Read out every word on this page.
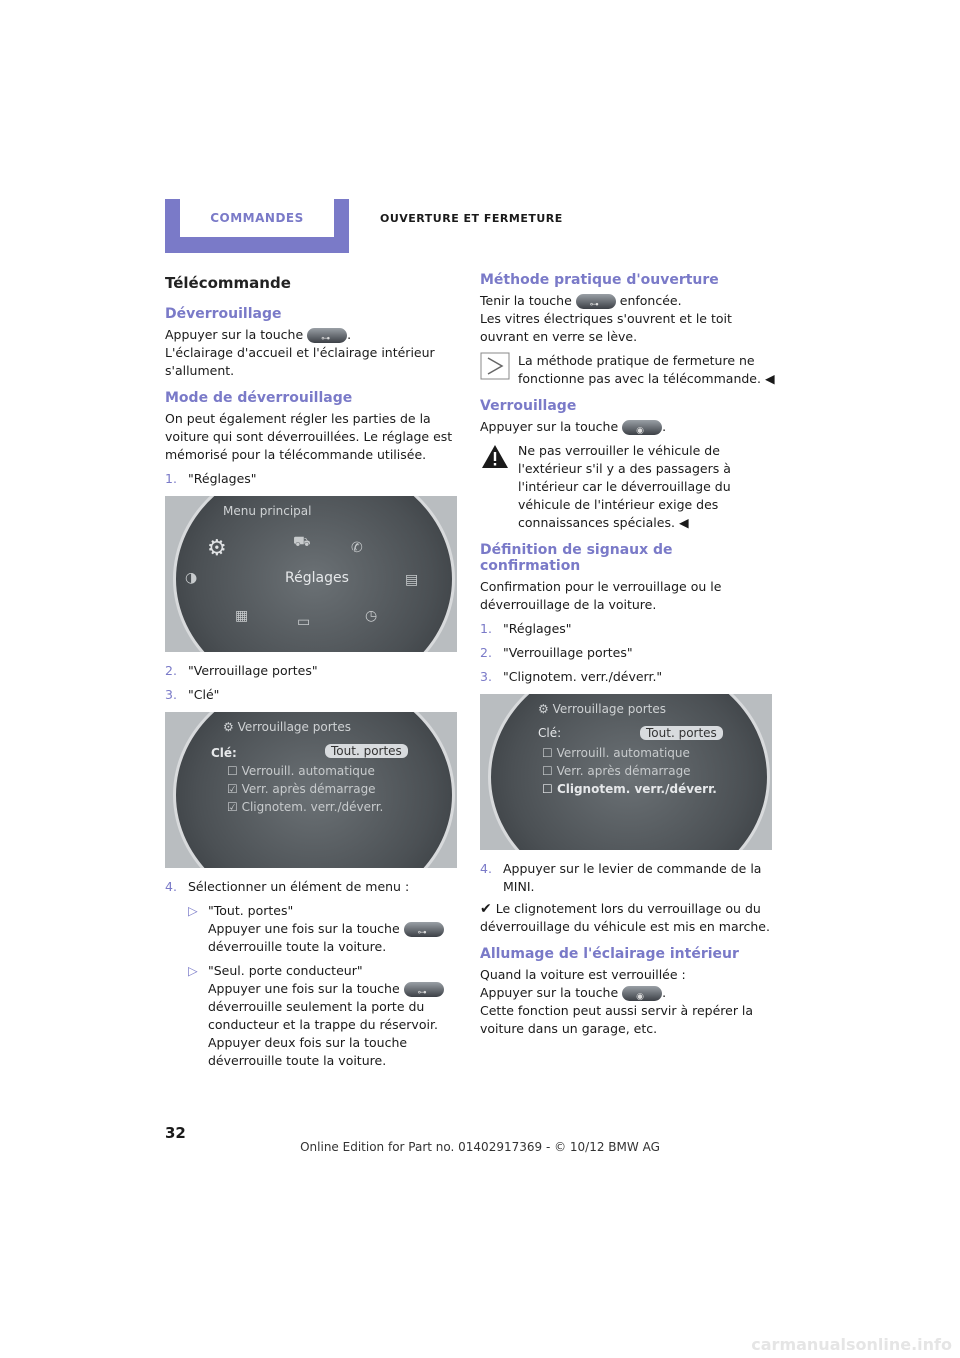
COMMANDES	OUVERTURE ET FERMETURE
Télécommande
Déverrouillage

Appuyer sur la touche ⊶ .
L'éclairage d'accueil et l'éclairage intérieur s'allument.

Mode de déverrouillage

On peut également régler les parties de la voiture qui sont déverrouillées. Le réglage est mémorisé pour la télécommande utilisée.

1. "Réglages"
Menu principal
⚙
Réglages
◑
⛟	✆
▤
▦	▭	◷
2. "Verrouillage portes"
3. "Clé"
⚙ Verrouillage portes
Clé:	Tout. portes
☐ Verrouill. automatique
☑ Verr. après démarrage
☑ Clignotem. verr./déverr.
4. Sélectionner un élément de menu :
▷ "Tout. portes"
Appuyer une fois sur la touche ⊶

déverrouille toute la voiture.
▷ "Seul. porte conducteur"
Appuyer une fois sur la touche ⊶

déverrouille seulement la porte du conducteur et la trappe du réservoir.
Appuyer deux fois sur la touche déverrouille toute la voiture.
Méthode pratique d'ouverture

Tenir la touche ⊶ enfoncée.
Les vitres électriques s'ouvrent et le toit ouvrant en verre se lève.

La méthode pratique de fermeture ne fonctionne pas avec la télécommande. ◀
Verrouillage

Appuyer sur la touche ◉ .

Ne pas verrouiller le véhicule de l'extérieur s'il y a des passagers à l'intérieur car le déverrouillage du véhicule de l'intérieur exige des connaissances spéciales. ◀
Définition de signaux de confirmation

Confirmation pour le verrouillage ou le déverrouillage de la voiture.

1. "Réglages"
2. "Verrouillage portes"
3. "Clignotem. verr./déverr."
⚙ Verrouillage portes
Clé:	Tout. portes
☐ Verrouill. automatique
☐ Verr. après démarrage
☐ Clignotem. verr./déverr.
4. Appuyer sur le levier de commande de la MINI.

✔ Le clignotement lors du verrouillage ou du déverrouillage du véhicule est mis en marche.

Allumage de l'éclairage intérieur

Quand la voiture est verrouillée :
Appuyer sur la touche ◉ .
Cette fonction peut aussi servir à repérer la voiture dans un garage, etc.

32
Online Edition for Part no. 01402917369 - © 10/12 BMW AG
carmanualsonline.info
